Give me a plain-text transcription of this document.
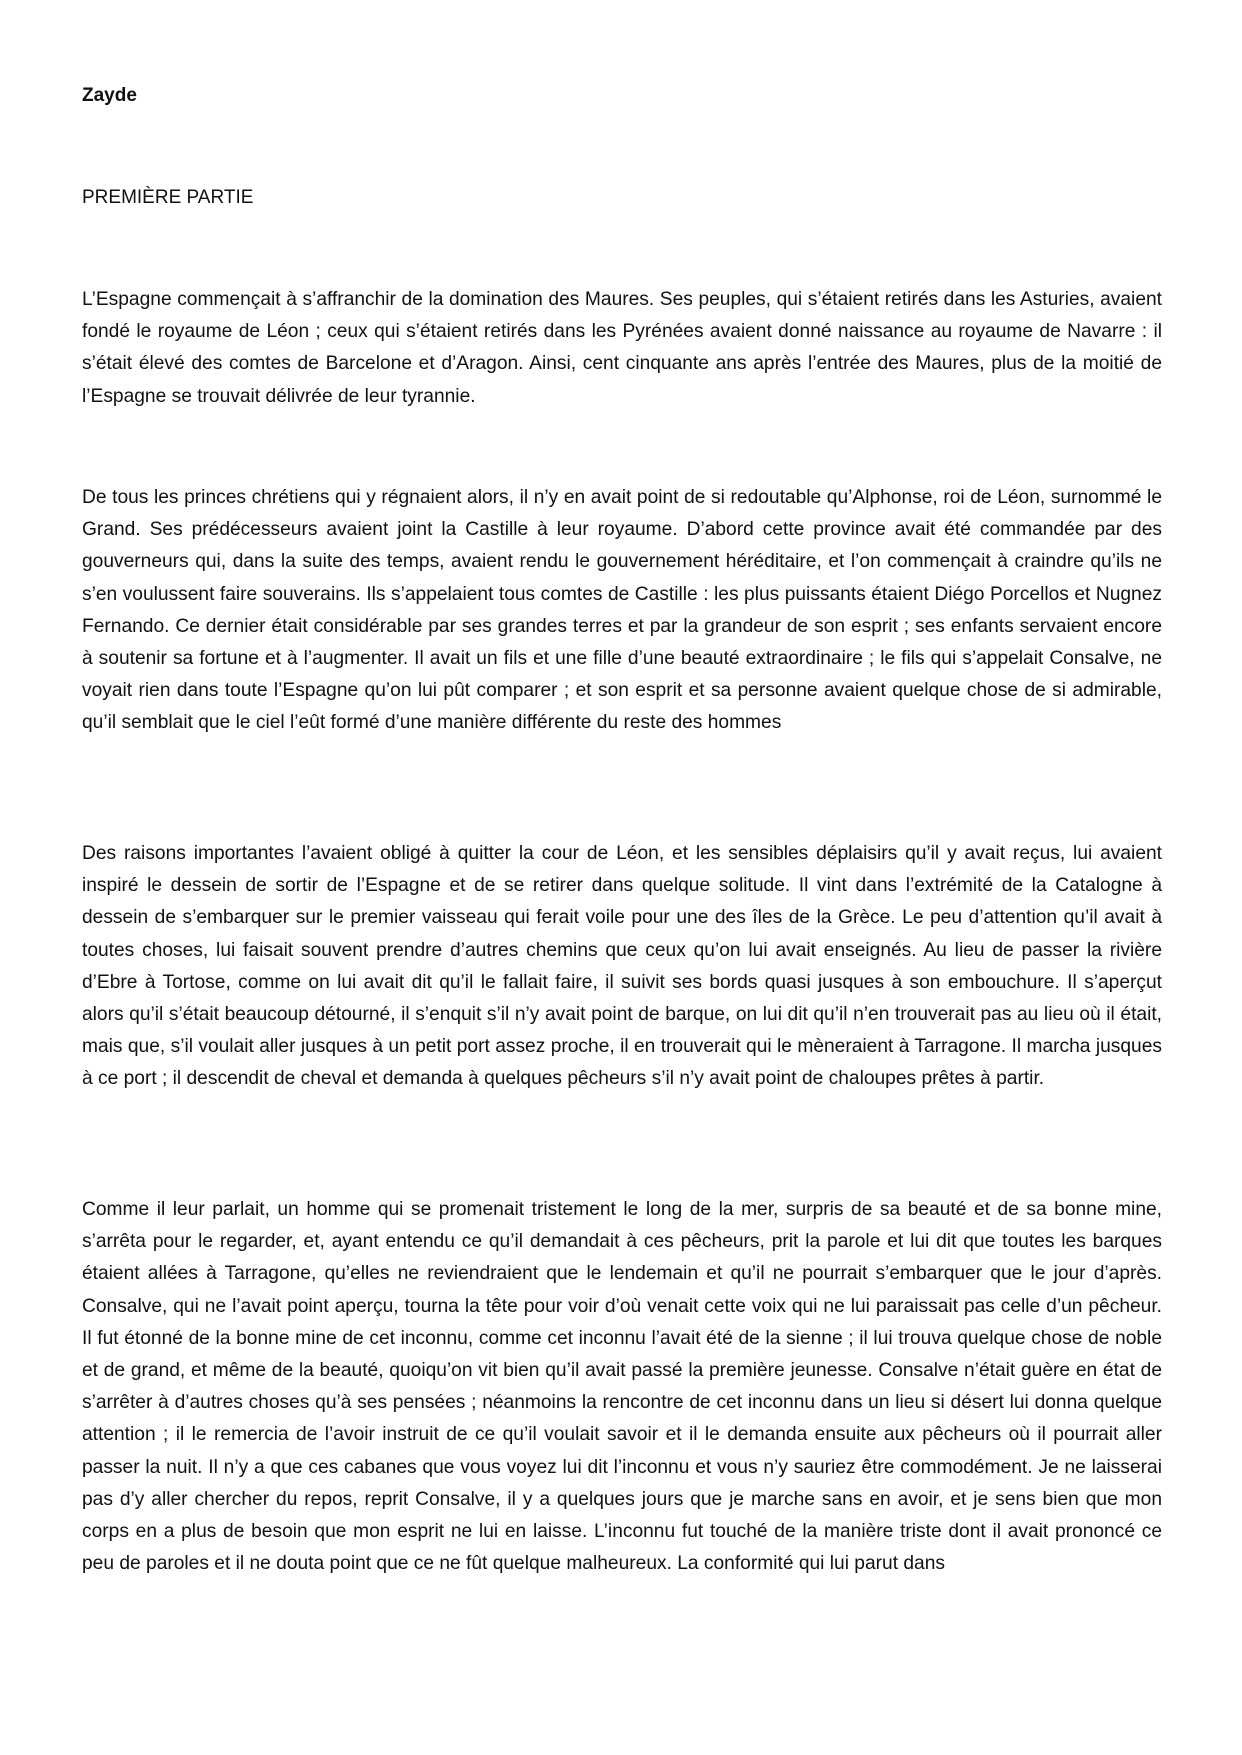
Zayde
PREMIÈRE PARTIE

L’Espagne commençait à s’affranchir de la domination des Maures. Ses peuples, qui s’étaient retirés dans les Asturies, avaient fondé le royaume de Léon ; ceux qui s’étaient retirés dans les Pyrénées avaient donné naissance au royaume de Navarre : il s’était élevé des comtes de Barcelone et d’Aragon. Ainsi, cent cinquante ans après l’entrée des Maures, plus de la moitié de l’Espagne se trouvait délivrée de leur tyrannie.

De tous les princes chrétiens qui y régnaient alors, il n’y en avait point de si redoutable qu’Alphonse, roi de Léon, surnommé le Grand. Ses prédécesseurs avaient joint la Castille à leur royaume. D’abord cette province avait été commandée par des gouverneurs qui, dans la suite des temps, avaient rendu le gouvernement héréditaire, et l’on commençait à craindre qu’ils ne s’en voulussent faire souverains. Ils s’appelaient tous comtes de Castille : les plus puissants étaient Diégo Porcellos et Nugnez Fernando. Ce dernier était considérable par ses grandes terres et par la grandeur de son esprit ; ses enfants servaient encore à soutenir sa fortune et à l’augmenter. Il avait un fils et une fille d’une beauté extraordinaire ; le fils qui s’appelait Consalve, ne voyait rien dans toute l’Espagne qu’on lui pût comparer ; et son esprit et sa personne avaient quelque chose de si admirable, qu’il semblait que le ciel l’eût formé d’une manière différente du reste des hommes

Des raisons importantes l’avaient obligé à quitter la cour de Léon, et les sensibles déplaisirs qu’il y avait reçus, lui avaient inspiré le dessein de sortir de l’Espagne et de se retirer dans quelque solitude. Il vint dans l’extrémité de la Catalogne à dessein de s’embarquer sur le premier vaisseau qui ferait voile pour une des îles de la Grèce. Le peu d’attention qu’il avait à toutes choses, lui faisait souvent prendre d’autres chemins que ceux qu’on lui avait enseignés. Au lieu de passer la rivière d’Ebre à Tortose, comme on lui avait dit qu’il le fallait faire, il suivit ses bords quasi jusques à son embouchure. Il s’aperçut alors qu’il s’était beaucoup détourné, il s’enquit s’il n’y avait point de barque, on lui dit qu’il n’en trouverait pas au lieu où il était, mais que, s’il voulait aller jusques à un petit port assez proche, il en trouverait qui le mèneraient à Tarragone. Il marcha jusques à ce port ; il descendit de cheval et demanda à quelques pêcheurs s’il n’y avait point de chaloupes prêtes à partir.

Comme il leur parlait, un homme qui se promenait tristement le long de la mer, surpris de sa beauté et de sa bonne mine, s’arrêta pour le regarder, et, ayant entendu ce qu’il demandait à ces pêcheurs, prit la parole et lui dit que toutes les barques étaient allées à Tarragone, qu’elles ne reviendraient que le lendemain et qu’il ne pourrait s’embarquer que le jour d’après. Consalve, qui ne l’avait point aperçu, tourna la tête pour voir d’où venait cette voix qui ne lui paraissait pas celle d’un pêcheur. Il fut étonné de la bonne mine de cet inconnu, comme cet inconnu l’avait été de la sienne ; il lui trouva quelque chose de noble et de grand, et même de la beauté, quoiqu’on vit bien qu’il avait passé la première jeunesse. Consalve n’était guère en état de s’arrêter à d’autres choses qu’à ses pensées ; néanmoins la rencontre de cet inconnu dans un lieu si désert lui donna quelque attention ; il le remercia de l’avoir instruit de ce qu’il voulait savoir et il le demanda ensuite aux pêcheurs où il pourrait aller passer la nuit. Il n’y a que ces cabanes que vous voyez lui dit l’inconnu et vous n’y sauriez être commodément. Je ne laisserai pas d’y aller chercher du repos, reprit Consalve, il y a quelques jours que je marche sans en avoir, et je sens bien que mon corps en a plus de besoin que mon esprit ne lui en laisse. L’inconnu fut touché de la manière triste dont il avait prononcé ce peu de paroles et il ne douta point que ce ne fût quelque malheureux. La conformité qui lui parut dans
